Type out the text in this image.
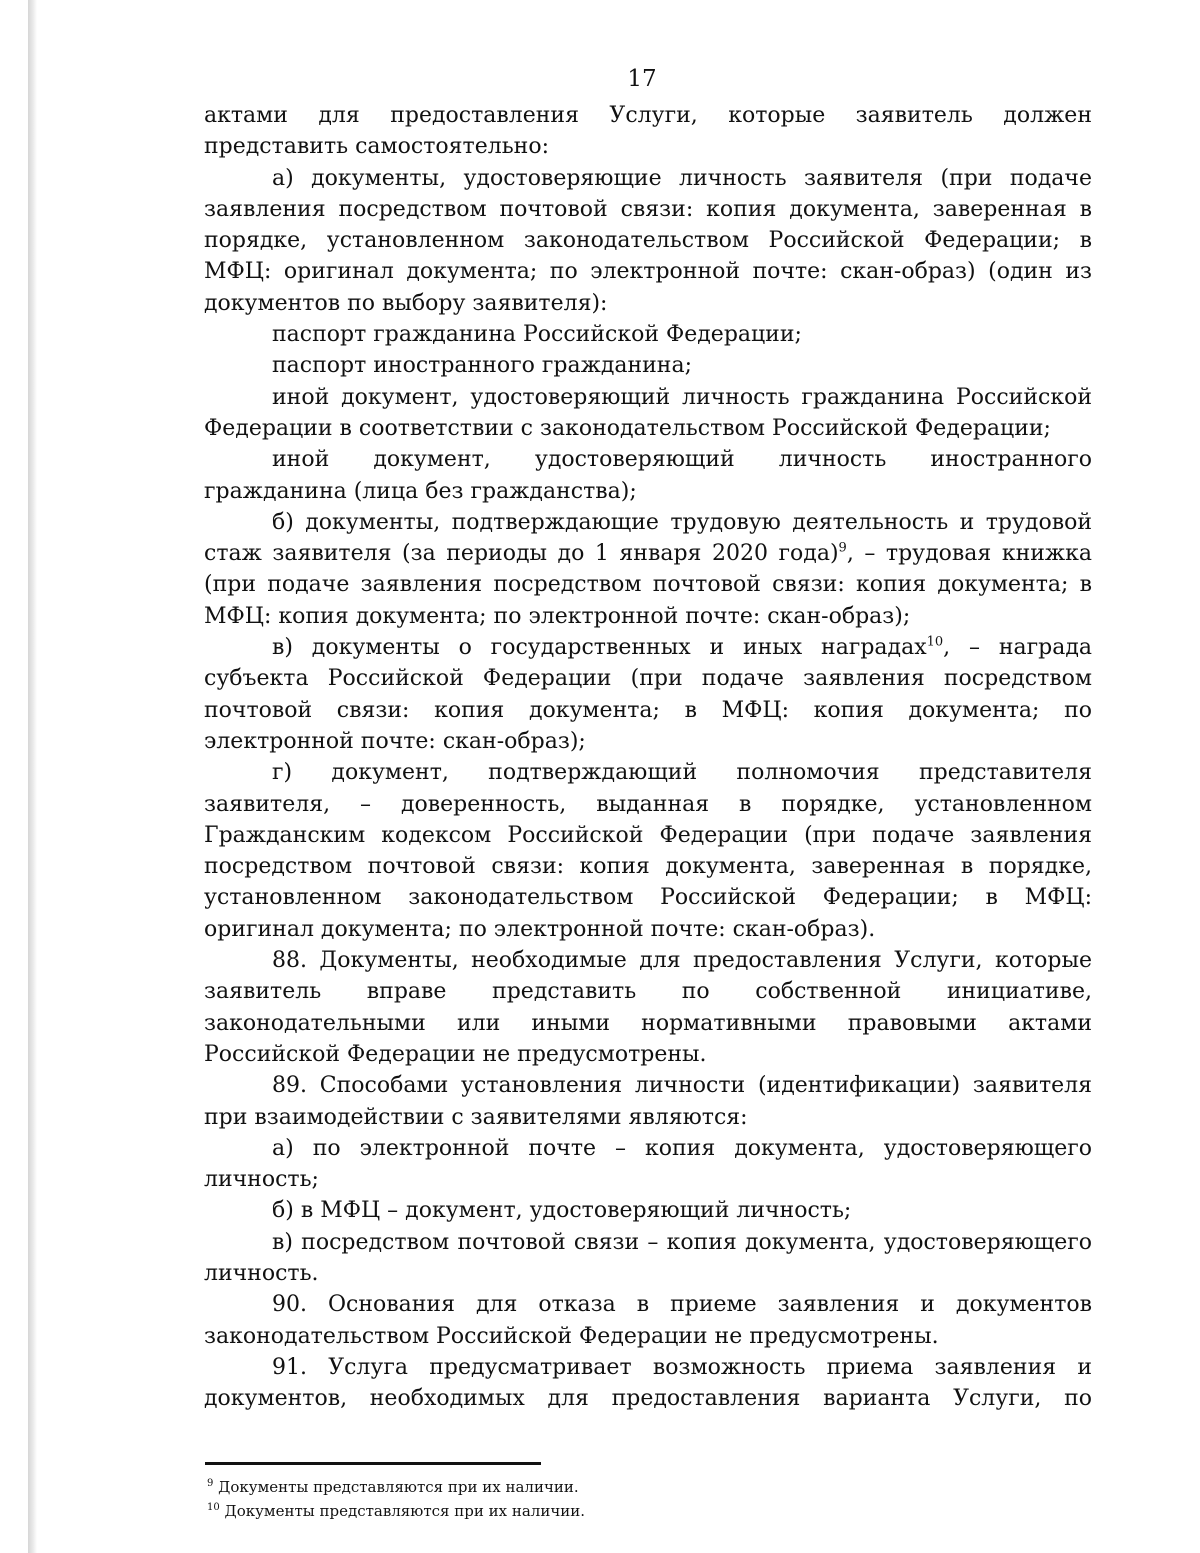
17

актами для предоставления Услуги, которые заявитель должен представить самостоятельно:

а) документы, удостоверяющие личность заявителя (при подаче заявления посредством почтовой связи: копия документа, заверенная в порядке, установленном законодательством Российской Федерации; в МФЦ: оригинал документа; по электронной почте: скан-образ) (один из документов по выбору заявителя):

паспорт гражданина Российской Федерации;

паспорт иностранного гражданина;

иной документ, удостоверяющий личность гражданина Российской Федерации в соответствии с законодательством Российской Федерации;

иной документ, удостоверяющий личность иностранного гражданина (лица без гражданства);

б) документы, подтверждающие трудовую деятельность и трудовой стаж заявителя (за периоды до 1 января 2020 года)$^9$, – трудовая книжка (при подаче заявления посредством почтовой связи: копия документа; в МФЦ: копия документа; по электронной почте: скан-образ);

в) документы о государственных и иных наградах$^{10}$, – награда субъекта Российской Федерации (при подаче заявления посредством почтовой связи: копия документа; в МФЦ: копия документа; по электронной почте: скан-образ);

г) документ, подтверждающий полномочия представителя заявителя, – доверенность, выданная в порядке, установленном Гражданским кодексом Российской Федерации (при подаче заявления посредством почтовой связи: копия документа, заверенная в порядке, установленном законодательством Российской Федерации; в МФЦ: оригинал документа; по электронной почте: скан-образ).

88. Документы, необходимые для предоставления Услуги, которые заявитель вправе представить по собственной инициативе, законодательными или иными нормативными правовыми актами Российской Федерации не предусмотрены.

89. Способами установления личности (идентификации) заявителя при взаимодействии с заявителями являются:

а) по электронной почте – копия документа, удостоверяющего личность;

б) в МФЦ – документ, удостоверяющий личность;

в) посредством почтовой связи – копия документа, удостоверяющего личность.

90. Основания для отказа в приеме заявления и документов законодательством Российской Федерации не предусмотрены.

91. Услуга предусматривает возможность приема заявления и документов, необходимых для предоставления варианта Услуги, по

$^9$ Документы представляются при их наличии.

$^{10}$ Документы представляются при их наличии.
